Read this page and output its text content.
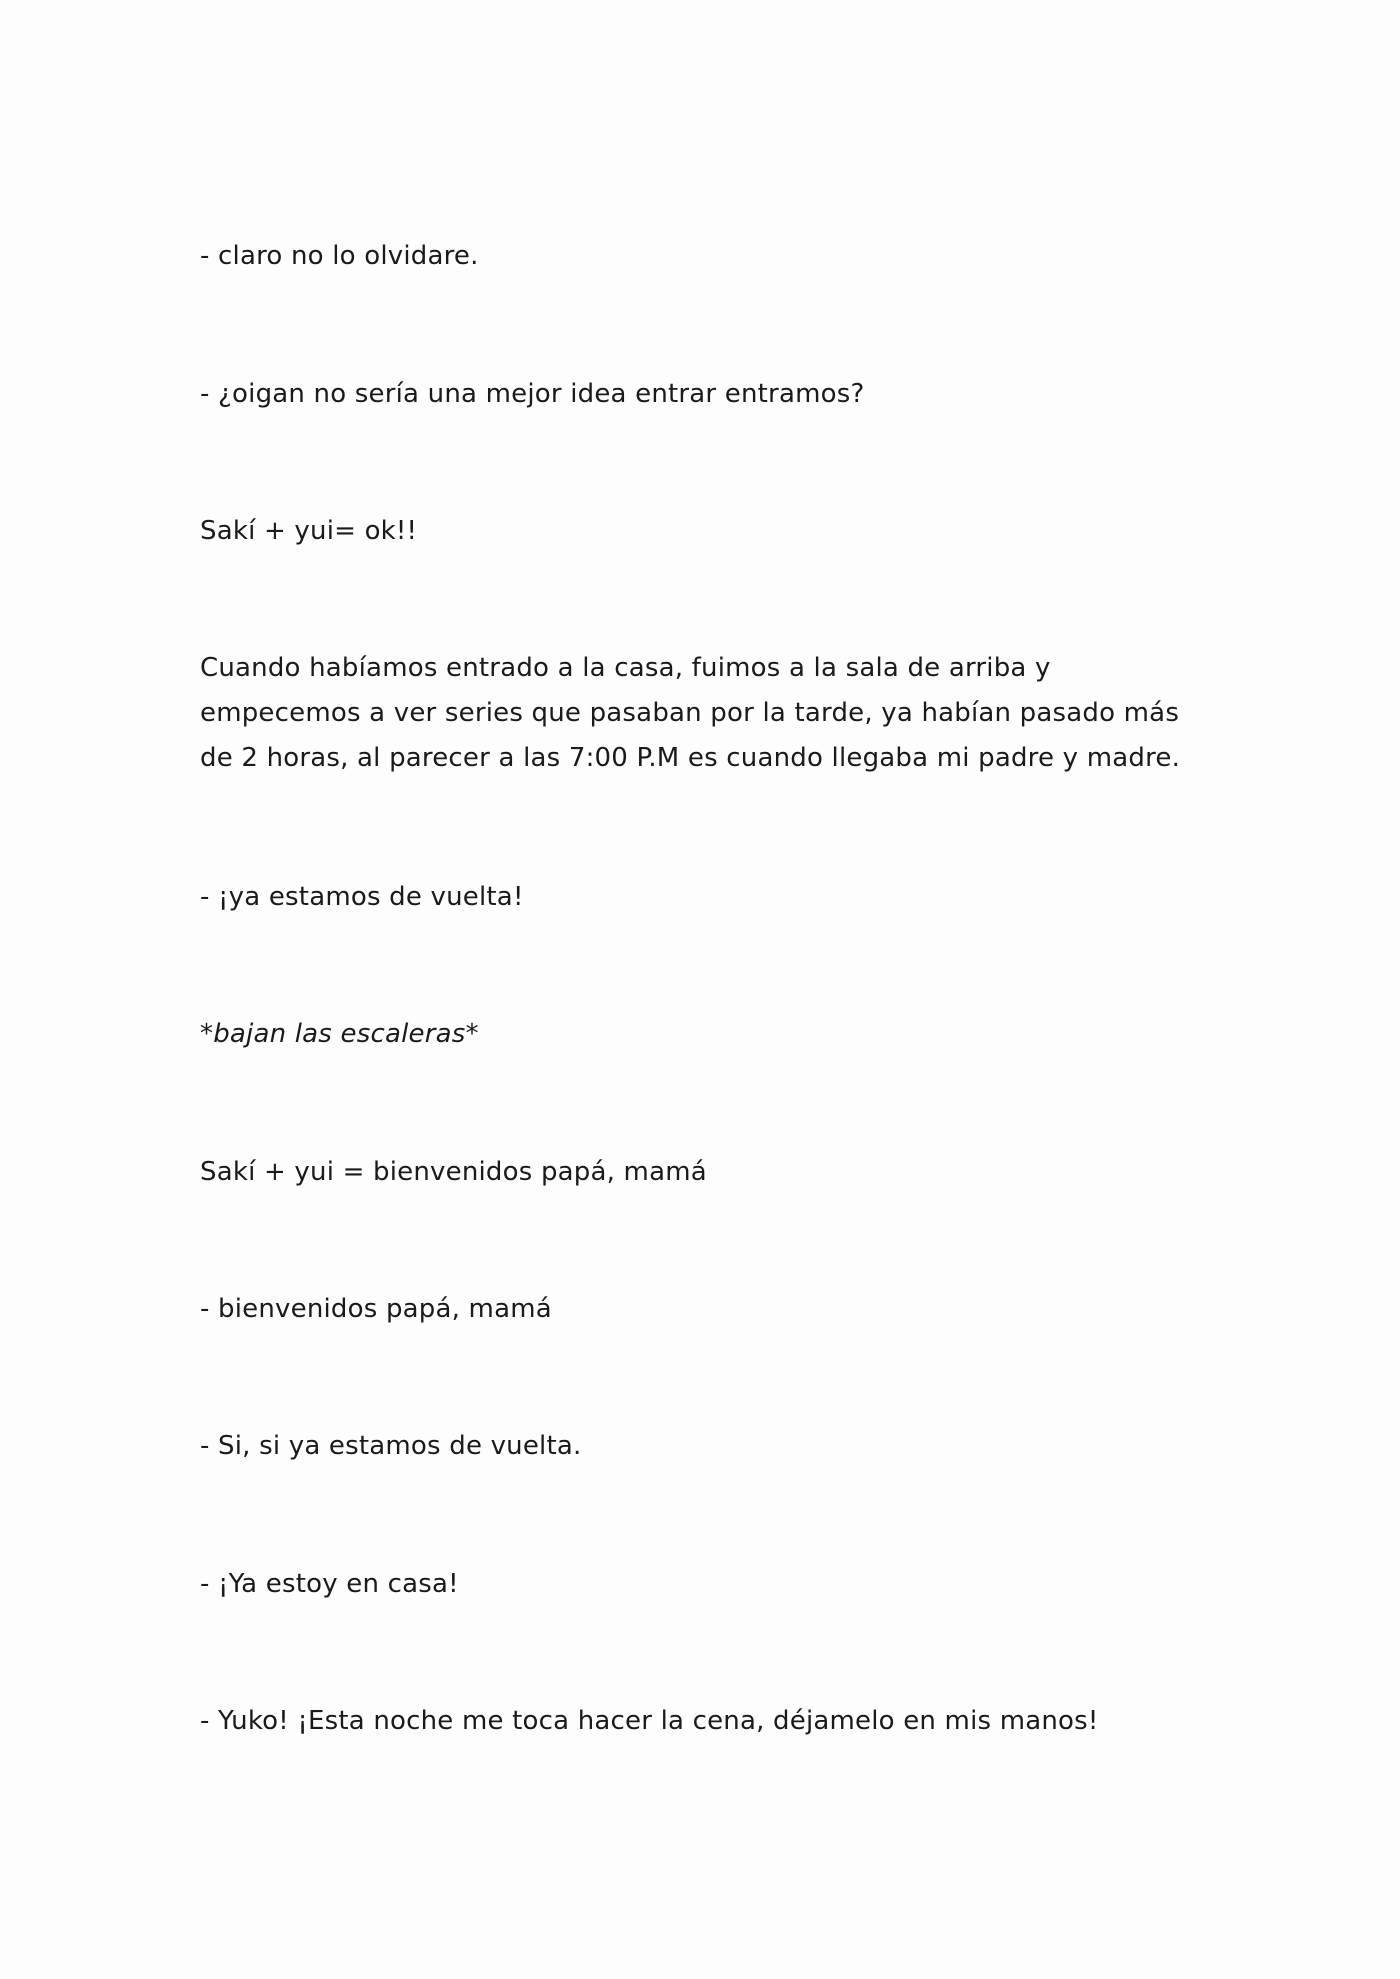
- claro no lo olvidare.
- ¿oigan no sería una mejor idea entrar entramos?
Sakí + yui= ok!!
Cuando habíamos entrado a la casa, fuimos a la sala de arriba y empecemos a ver series que pasaban por la tarde, ya habían pasado más de 2 horas, al parecer a las 7:00 P.M es cuando llegaba mi padre y madre.
- ¡ya estamos de vuelta!
*bajan las escaleras*
Sakí + yui = bienvenidos papá, mamá
- bienvenidos papá, mamá
- Si, si ya estamos de vuelta.
- ¡Ya estoy en casa!
- Yuko! ¡Esta noche me toca hacer la cena, déjamelo en mis manos!
